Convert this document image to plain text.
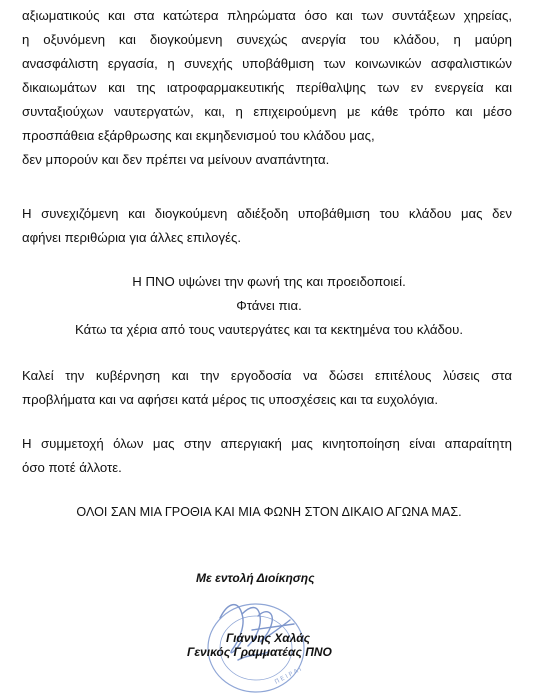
αξιωματικούς και στα κατώτερα πληρώματα όσο και των συντάξεων χηρείας,
η οξυνόμενη και διογκούμενη συνεχώς ανεργία του κλάδου, η μαύρη
ανασφάλιστη εργασία, η συνεχής υποβάθμιση των κοινωνικών ασφαλιστικών
δικαιωμάτων και της ιατροφαρμακευτικής περίθαλψης των εν ενεργεία και
συνταξιούχων ναυτεργατών, και, η επιχειρούμενη με κάθε τρόπο και μέσο
προσπάθεια εξάρθρωσης και εκμηδενισμού του κλάδου μας,
δεν μπορούν και δεν πρέπει να μείνουν αναπάντητα.
Η συνεχιζόμενη και διογκούμενη αδιέξοδη υποβάθμιση του κλάδου μας δεν
αφήνει περιθώρια για άλλες επιλογές.
Η ΠΝΟ υψώνει την φωνή της και προειδοποιεί.
Φτάνει πια.
Κάτω τα χέρια από τους ναυτεργάτες και τα κεκτημένα του κλάδου.
Καλεί την κυβέρνηση και την εργοδοσία να δώσει επιτέλους λύσεις στα
προβλήματα και να αφήσει κατά μέρος τις υποσχέσεις και τα ευχολόγια.
Η συμμετοχή όλων μας στην απεργιακή μας κινητοποίηση είναι απαραίτητη
όσο ποτέ άλλοτε.
ΟΛΟΙ ΣΑΝ ΜΙΑ ΓΡΟΘΙΑ ΚΑΙ ΜΙΑ ΦΩΝΗ ΣΤΟΝ ΔΙΚΑΙΟ ΑΓΩΝΑ ΜΑΣ.
Π Ε Ι Ρ Α Ι
Με εντολή Διοίκησης
Γιάννης Χαλάς
Γενικός Γραμματέας ΠΝΟ
